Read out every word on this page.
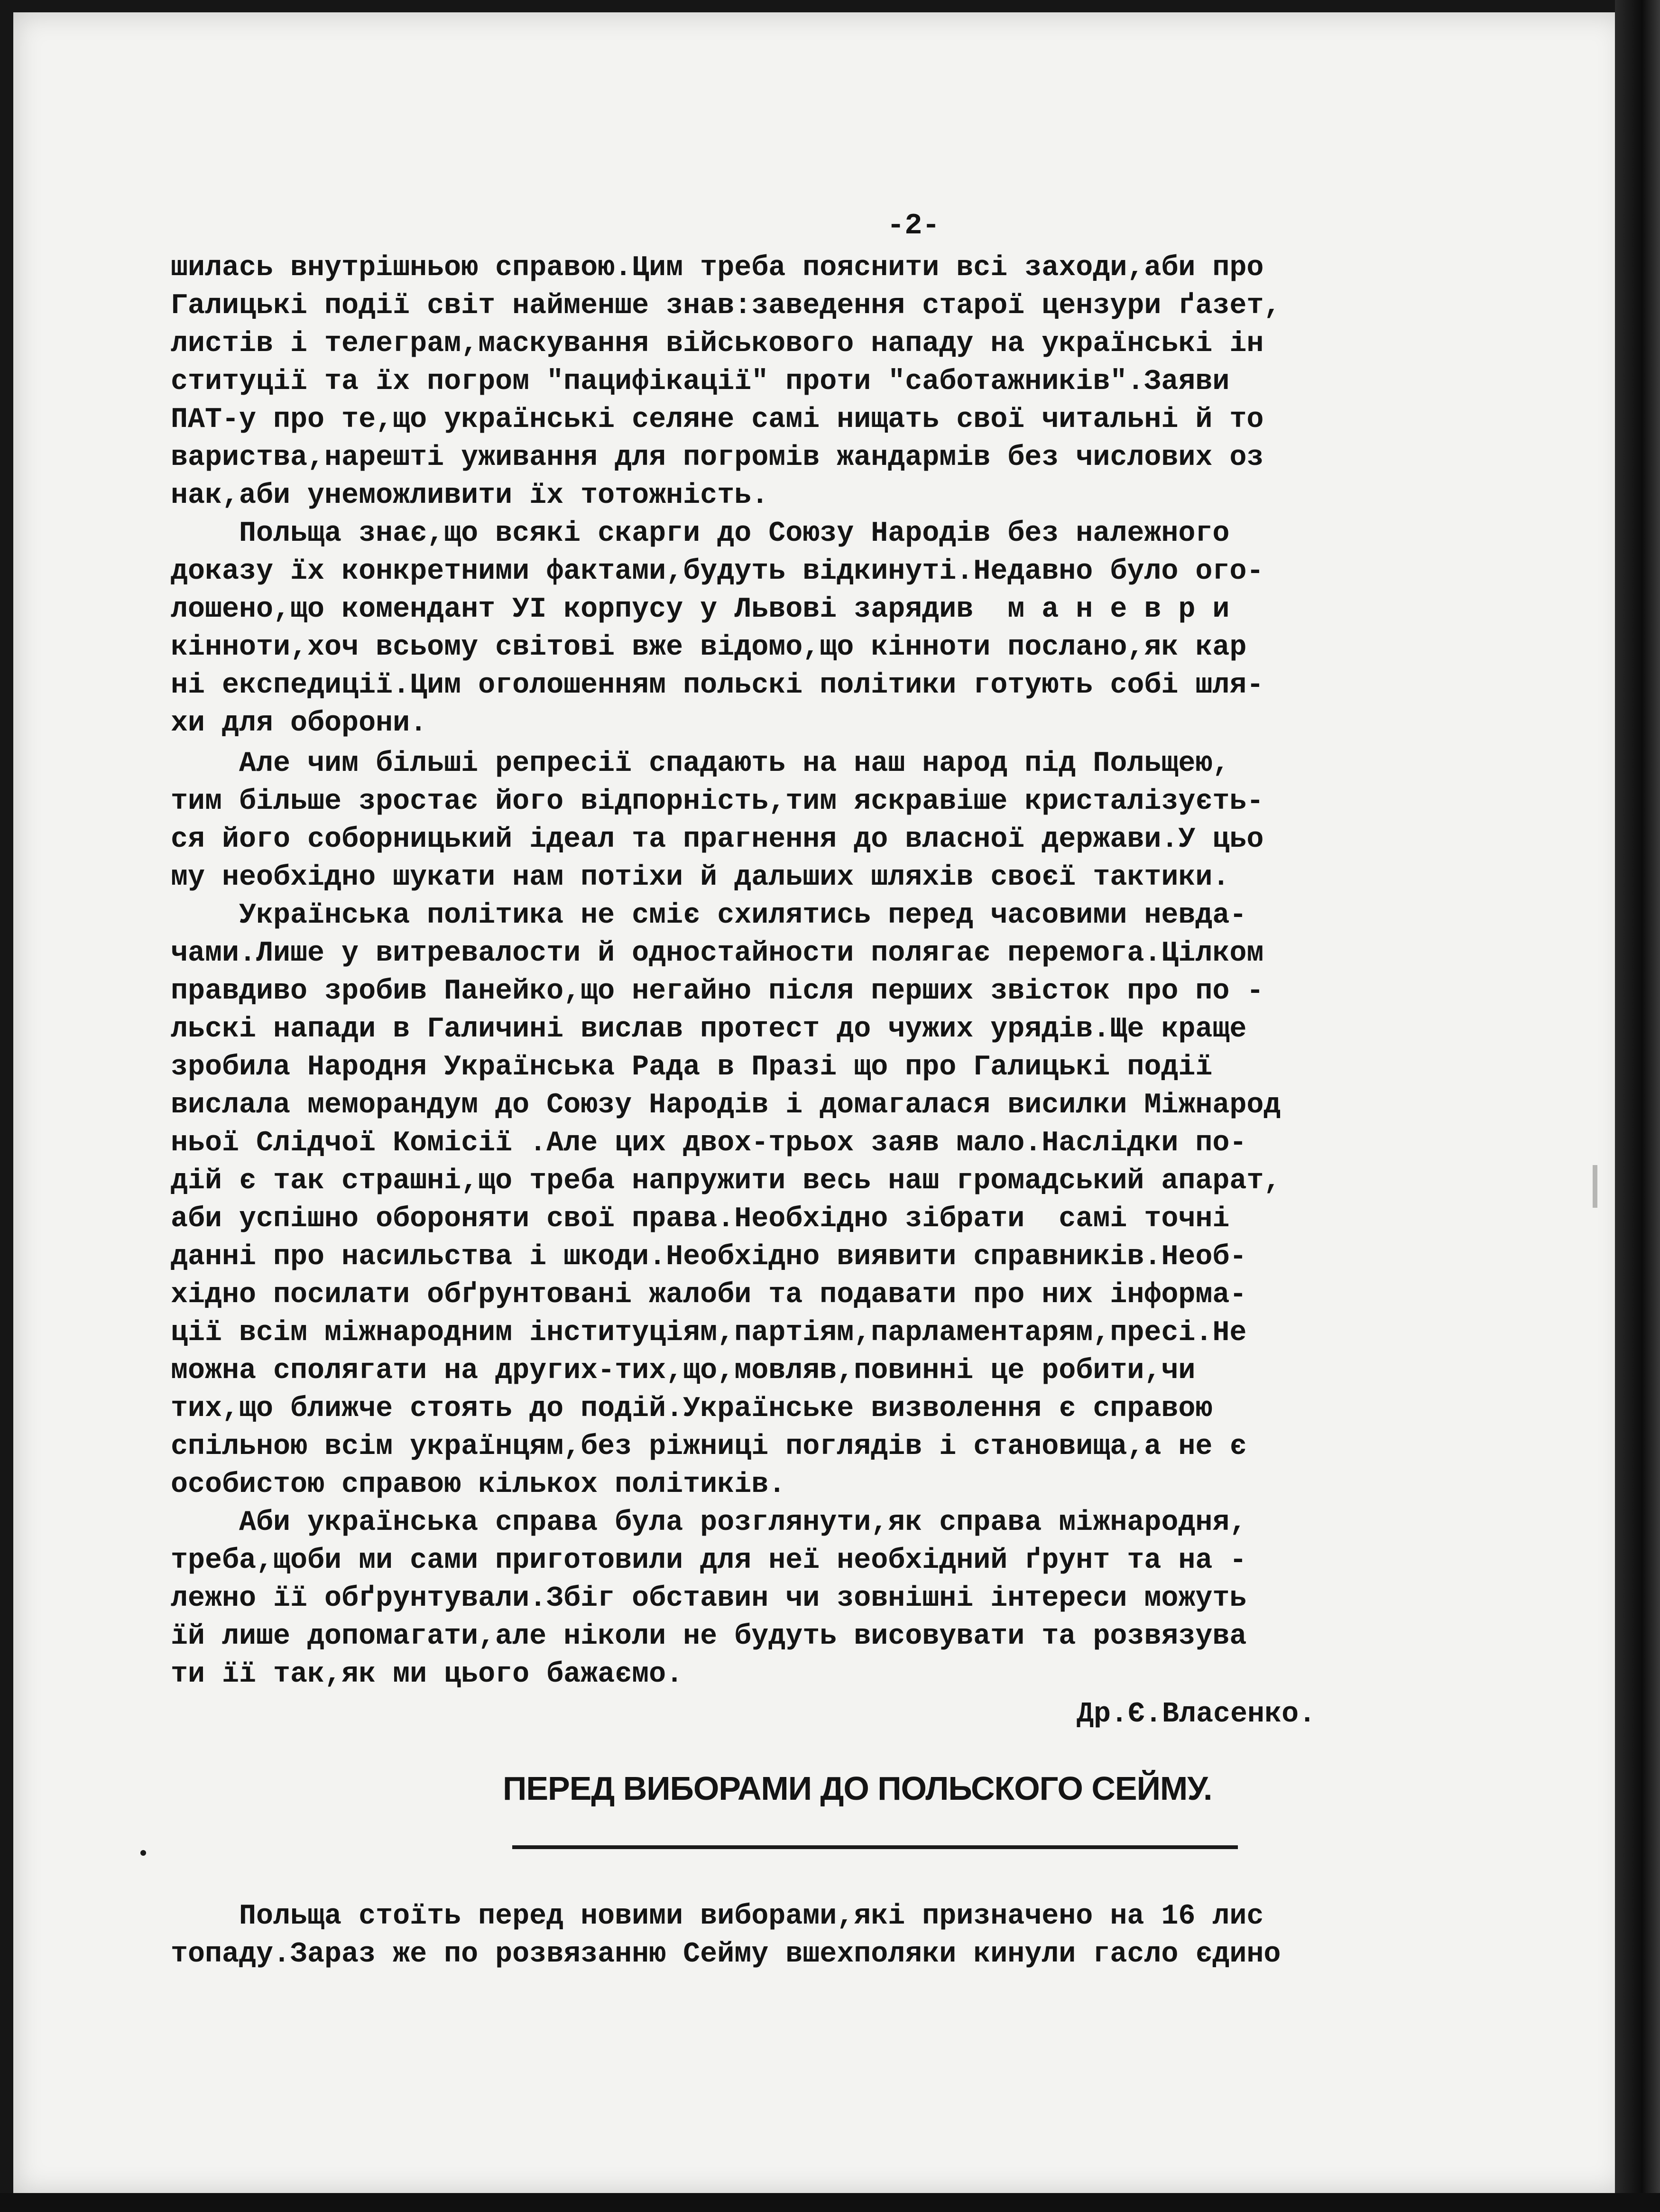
-2-
шилась внутрішньою справою.Цим треба пояснити всі заходи,аби про
Галицькі події світ найменше знав:заведення старої цензури ґазет,
листів і телеграм,маскування військового нападу на українські ін
ституції та їх погром "пацифікації" проти "саботажників".Заяви
ПАТ-у про те,що українські селяне самі нищать свої читальні й то
вариства,нарешті уживання для погромів жандармів без числових оз
нак,аби унеможливити їх тотожність.
Польща знає,що всякі скарги до Союзу Народів без належного
доказу їх конкретними фактами,будуть відкинуті.Недавно було ого-
лошено,що комендант УІ корпусу у Львові зарядив  м а н е в р и
кінноти,хоч всьому світові вже відомо,що кінноти послано,як кар
ні експедиції.Цим оголошенням польскі політики готують собі шля-
хи для оборони.
Але чим більші репресії спадають на наш народ під Польщею,
тим більше зростає його відпорність,тим яскравіше кристалізуєть-
ся його соборницький ідеал та прагнення до власної держави.У цьо
му необхідно шукати нам потіхи й дальших шляхів своєї тактики.
Українська політика не сміє схилятись перед часовими невда-
чами.Лише у витревалости й одностайности полягає перемога.Цілком
правдиво зробив Панейко,що негайно після перших звісток про по -
льскі напади в Галичині вислав протест до чужих урядів.Ще краще
зробила Народня Українська Рада в Празі що про Галицькі події
вислала меморандум до Союзу Народів і домагалася висилки Міжнарод
ньої Слідчої Комісії .Але цих двох-трьох заяв мало.Наслідки по-
дій є так страшні,що треба напружити весь наш громадський апарат,
аби успішно обороняти свої права.Необхідно зібрати  самі точні
данні про насильства і шкоди.Необхідно виявити справників.Необ-
хідно посилати обґрунтовані жалоби та подавати про них інформа-
ції всім міжнародним інституціям,партіям,парламентарям,пресі.Не
можна сполягати на других-тих,що,мовляв,повинні це робити,чи
тих,що ближче стоять до подій.Українське визволення є справою
спільною всім українцям,без ріжниці поглядів і становища,а не є
особистою справою кількох політиків.
Аби українська справа була розглянути,як справа міжнародня,
треба,щоби ми сами приготовили для неї необхідний ґрунт та на -
лежно її обґрунтували.Збіг обставин чи зовнішні інтереси можуть
їй лише допомагати,але ніколи не будуть висовувати та розвязува
ти її так,як ми цього бажаємо.
Др.Є.Власенко.
ПЕРЕД ВИБОРАМИ ДО ПОЛЬСКОГО СЕЙМУ.
Польща стоїть перед новими виборами,які призначено на 16 лис
топаду.Зараз же по розвязанню Сейму вшехполяки кинули гасло єдино
